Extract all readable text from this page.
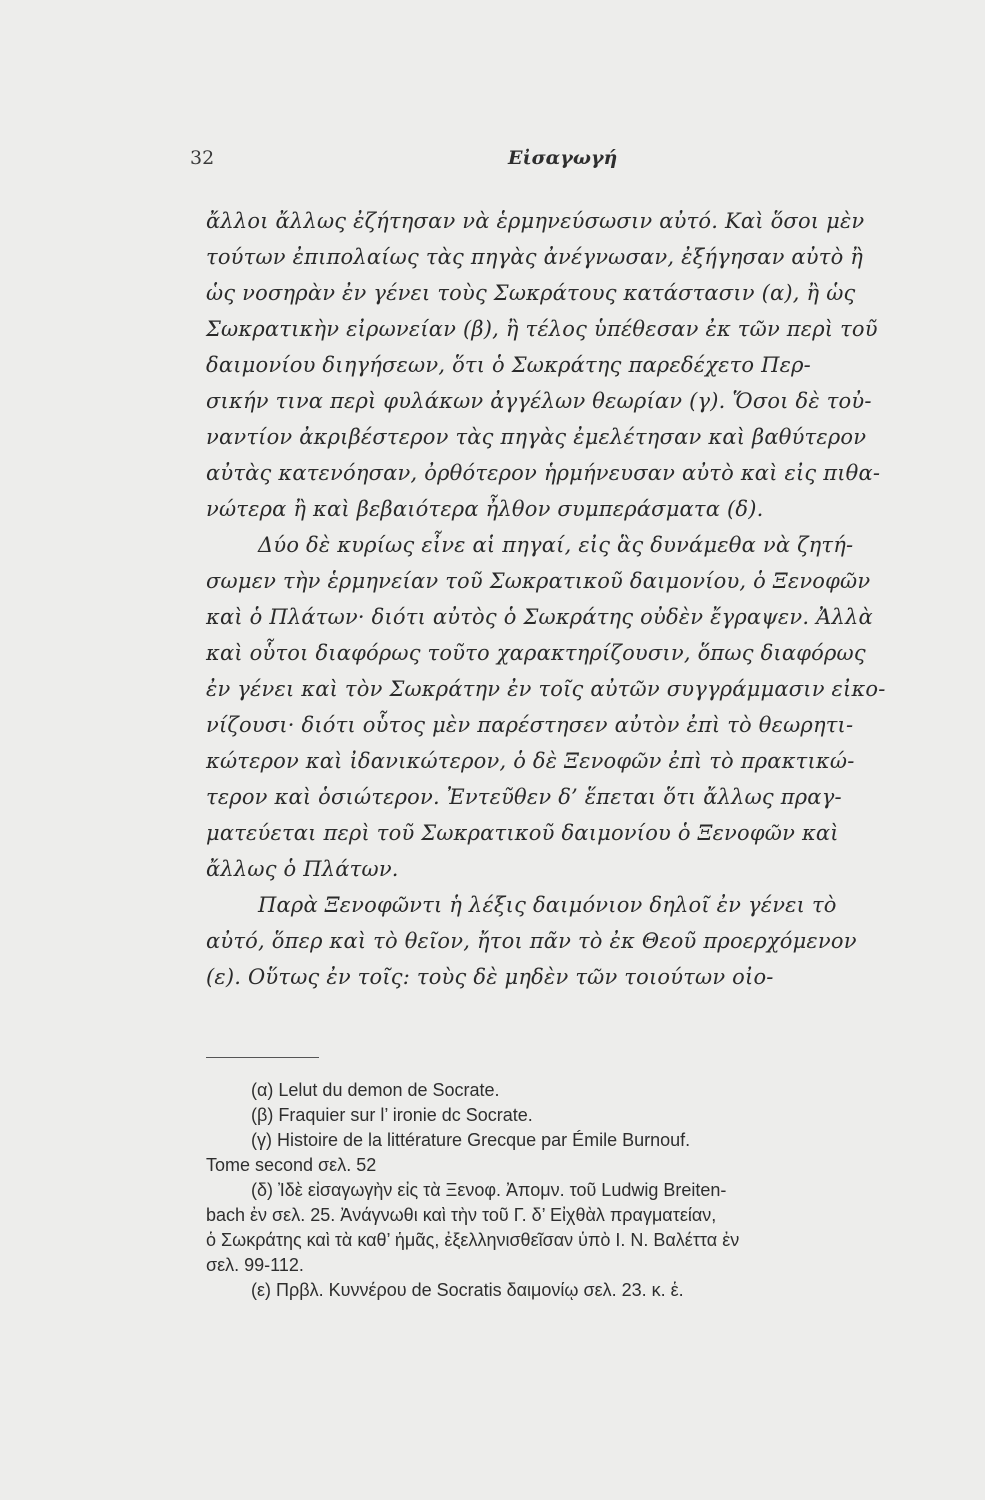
32	Εἰσαγωγή
ἄλλοι ἄλλως ἐζήτησαν νὰ ἑρμηνεύσωσιν αὐτό. Καὶ ὅσοι μὲν
τούτων ἐπιπολαίως τὰς πηγὰς ἀνέγνωσαν, ἐξήγησαν αὐτὸ ἢ
ὡς νοσηρὰν ἐν γένει τοὺς Σωκράτους κατάστασιν (α), ἢ ὡς
Σωκρατικὴν εἰρωνείαν (β), ἢ τέλος ὑπέθεσαν ἐκ τῶν περὶ τοῦ
δαιμονίου διηγήσεων, ὅτι ὁ Σωκράτης παρεδέχετο Περ-
σικήν τινα περὶ φυλάκων ἀγγέλων θεωρίαν (γ). Ὅσοι δὲ τοὐ-
ναντίον ἀκριβέστερον τὰς πηγὰς ἐμελέτησαν καὶ βαθύτερον
αὐτὰς κατενόησαν, ὀρθότερον ἡρμήνευσαν αὐτὸ καὶ εἰς πιθα-
νώτερα ἢ καὶ βεβαιότερα ἦλθον συμπεράσματα (δ).
Δύο δὲ κυρίως εἶνε αἱ πηγαί, εἰς ἃς δυνάμεθα νὰ ζητή-
σωμεν τὴν ἑρμηνείαν τοῦ Σωκρατικοῦ δαιμονίου, ὁ Ξενοφῶν
καὶ ὁ Πλάτων· διότι αὐτὸς ὁ Σωκράτης οὐδὲν ἔγραψεν. Ἀλλὰ
καὶ οὗτοι διαφόρως τοῦτο χαρακτηρίζουσιν, ὅπως διαφόρως
ἐν γένει καὶ τὸν Σωκράτην ἐν τοῖς αὐτῶν συγγράμμασιν εἰκο-
νίζουσι· διότι οὗτος μὲν παρέστησεν αὐτὸν ἐπὶ τὸ θεωρητι-
κώτερον καὶ ἰδανικώτερον, ὁ δὲ Ξενοφῶν ἐπὶ τὸ πρακτικώ-
τερον καὶ ὁσιώτερον. Ἐντεῦθεν δ’ ἕπεται ὅτι ἄλλως πραγ-
ματεύεται περὶ τοῦ Σωκρατικοῦ δαιμονίου ὁ Ξενοφῶν καὶ
ἄλλως ὁ Πλάτων.
Παρὰ Ξενοφῶντι ἡ λέξις δαιμόνιον δηλοῖ ἐν γένει τὸ
αὐτό, ὅπερ καὶ τὸ θεῖον, ἤτοι πᾶν τὸ ἐκ Θεοῦ προερχόμενον
(ε). Οὕτως ἐν τοῖς: τοὺς δὲ μηδὲν τῶν τοιούτων οἰο-
(α) Lelut du demon de Socrate.
(β) Fraquier sur l’ ironie dc Socrate.
(γ) Histoire de la littérature Grecque par Émile Burnouf.
Tome second σελ. 52
(δ) Ἰδὲ εἰσαγωγὴν εἰς τὰ Ξενοφ. Ἀπομν. τοῦ Ludwig Breiten-
bach ἐν σελ. 25. Ἀνάγνωθι καὶ τὴν τοῦ Γ. δ’ Εἰχθὰλ πραγματείαν,
ὁ Σωκράτης καὶ τὰ καθ’ ἡμᾶς, ἐξελληνισθεῖσαν ὑπὸ Ι. Ν. Βαλέττα ἐν
σελ. 99-112.
(ε) Πρβλ. Κυννέρου de Socratis δαιμονίῳ σελ. 23. κ. ἑ.
